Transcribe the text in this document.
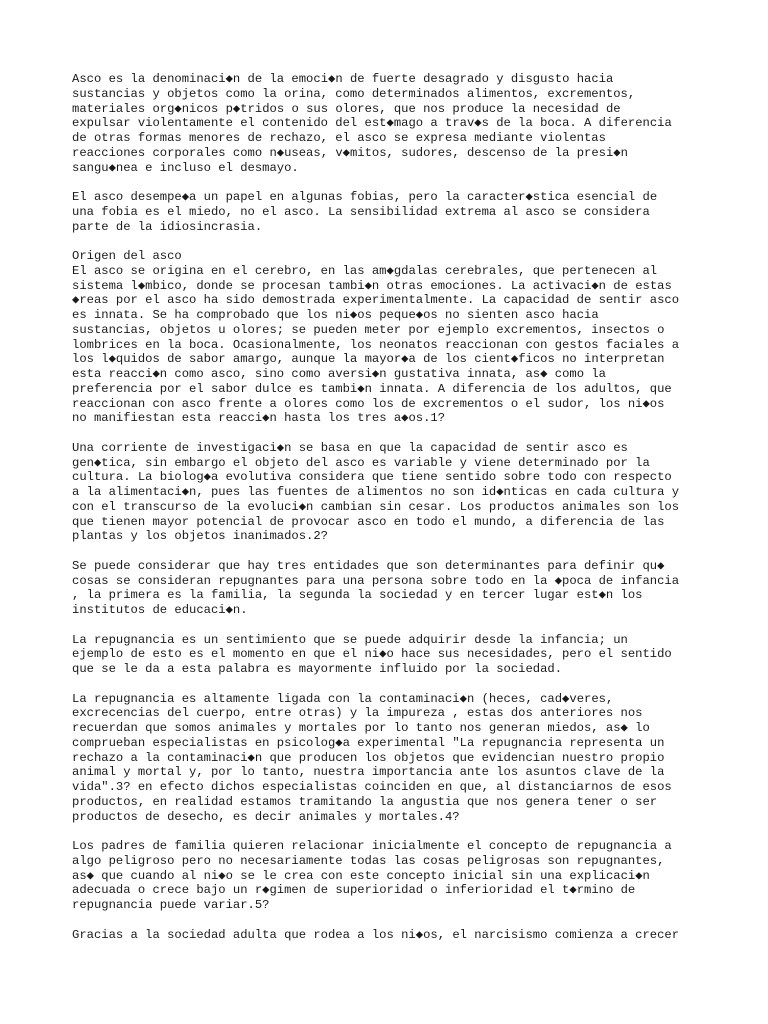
Asco es la denominaci◆n de la emoci◆n de fuerte desagrado y disgusto hacia
sustancias y objetos como la orina, como determinados alimentos, excrementos,
materiales org◆nicos p◆tridos o sus olores, que nos produce la necesidad de
expulsar violentamente el contenido del est◆mago a trav◆s de la boca. A diferencia
de otras formas menores de rechazo, el asco se expresa mediante violentas
reacciones corporales como n◆useas, v◆mitos, sudores, descenso de la presi◆n
sangu◆nea e incluso el desmayo.
El asco desempe◆a un papel en algunas fobias, pero la caracter◆stica esencial de
una fobia es el miedo, no el asco. La sensibilidad extrema al asco se considera
parte de la idiosincrasia.
Origen del asco
El asco se origina en el cerebro, en las am◆gdalas cerebrales, que pertenecen al
sistema l◆mbico, donde se procesan tambi◆n otras emociones. La activaci◆n de estas
◆reas por el asco ha sido demostrada experimentalmente. La capacidad de sentir asco
es innata. Se ha comprobado que los ni◆os peque◆os no sienten asco hacia
sustancias, objetos u olores; se pueden meter por ejemplo excrementos, insectos o
lombrices en la boca. Ocasionalmente, los neonatos reaccionan con gestos faciales a
los l◆quidos de sabor amargo, aunque la mayor◆a de los cient◆ficos no interpretan
esta reacci◆n como asco, sino como aversi◆n gustativa innata, as◆ como la
preferencia por el sabor dulce es tambi◆n innata. A diferencia de los adultos, que
reaccionan con asco frente a olores como los de excrementos o el sudor, los ni◆os
no manifiestan esta reacci◆n hasta los tres a◆os.1?
Una corriente de investigaci◆n se basa en que la capacidad de sentir asco es
gen◆tica, sin embargo el objeto del asco es variable y viene determinado por la
cultura. La biolog◆a evolutiva considera que tiene sentido sobre todo con respecto
a la alimentaci◆n, pues las fuentes de alimentos no son id◆nticas en cada cultura y
con el transcurso de la evoluci◆n cambian sin cesar. Los productos animales son los
que tienen mayor potencial de provocar asco en todo el mundo, a diferencia de las
plantas y los objetos inanimados.2?
Se puede considerar que hay tres entidades que son determinantes para definir qu◆
cosas se consideran repugnantes para una persona sobre todo en la ◆poca de infancia
, la primera es la familia, la segunda la sociedad y en tercer lugar est◆n los
institutos de educaci◆n.
La repugnancia es un sentimiento que se puede adquirir desde la infancia; un
ejemplo de esto es el momento en que el ni◆o hace sus necesidades, pero el sentido
que se le da a esta palabra es mayormente influido por la sociedad.
La repugnancia es altamente ligada con la contaminaci◆n (heces, cad◆veres,
excrecencias del cuerpo, entre otras) y la impureza , estas dos anteriores nos
recuerdan que somos animales y mortales por lo tanto nos generan miedos, as◆ lo
comprueban especialistas en psicolog◆a experimental "La repugnancia representa un
rechazo a la contaminaci◆n que producen los objetos que evidencian nuestro propio
animal y mortal y, por lo tanto, nuestra importancia ante los asuntos clave de la
vida".3? en efecto dichos especialistas coinciden en que, al distanciarnos de esos
productos, en realidad estamos tramitando la angustia que nos genera tener o ser
productos de desecho, es decir animales y mortales.4?
Los padres de familia quieren relacionar inicialmente el concepto de repugnancia a
algo peligroso pero no necesariamente todas las cosas peligrosas son repugnantes,
as◆ que cuando al ni◆o se le crea con este concepto inicial sin una explicaci◆n
adecuada o crece bajo un r◆gimen de superioridad o inferioridad el t◆rmino de
repugnancia puede variar.5?
Gracias a la sociedad adulta que rodea a los ni◆os, el narcisismo comienza a crecer
